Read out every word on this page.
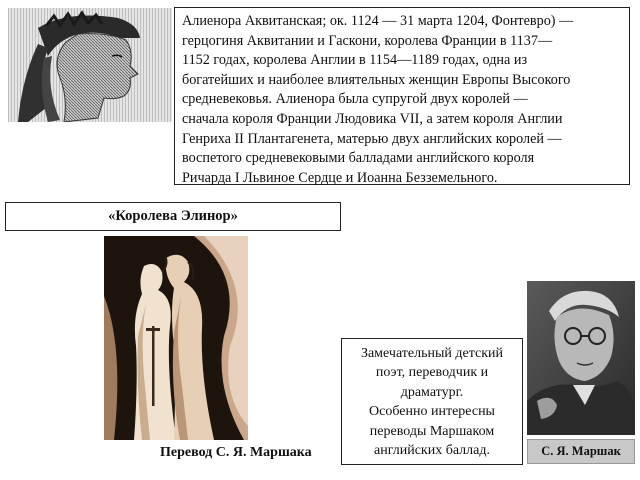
Алиенора Аквитанская; ок. 1124 — 31 марта 1204, Фонтевро) —
герцогиня Аквитании и Гаскони, королева Франции в 1137—
1152 годах, королева Англии в 1154—1189 годах, одна из
богатейших и наиболее влиятельных женщин Европы Высокого
средневековья. Алиенора была супругой двух королей —
сначала короля Франции Людовика VII, а затем короля Англии
Генриха II Плантагенета, матерью двух английских королей —
воспетого средневековыми балладами английского короля
Ричарда I Львиное Сердце и Иоанна Безземельного.
«Королева Элинор»
Перевод С. Я. Маршака
Замечательный детский
поэт, переводчик и
драматург.
Особенно интересны
переводы Маршаком
английских баллад.	С. Я. Маршак
